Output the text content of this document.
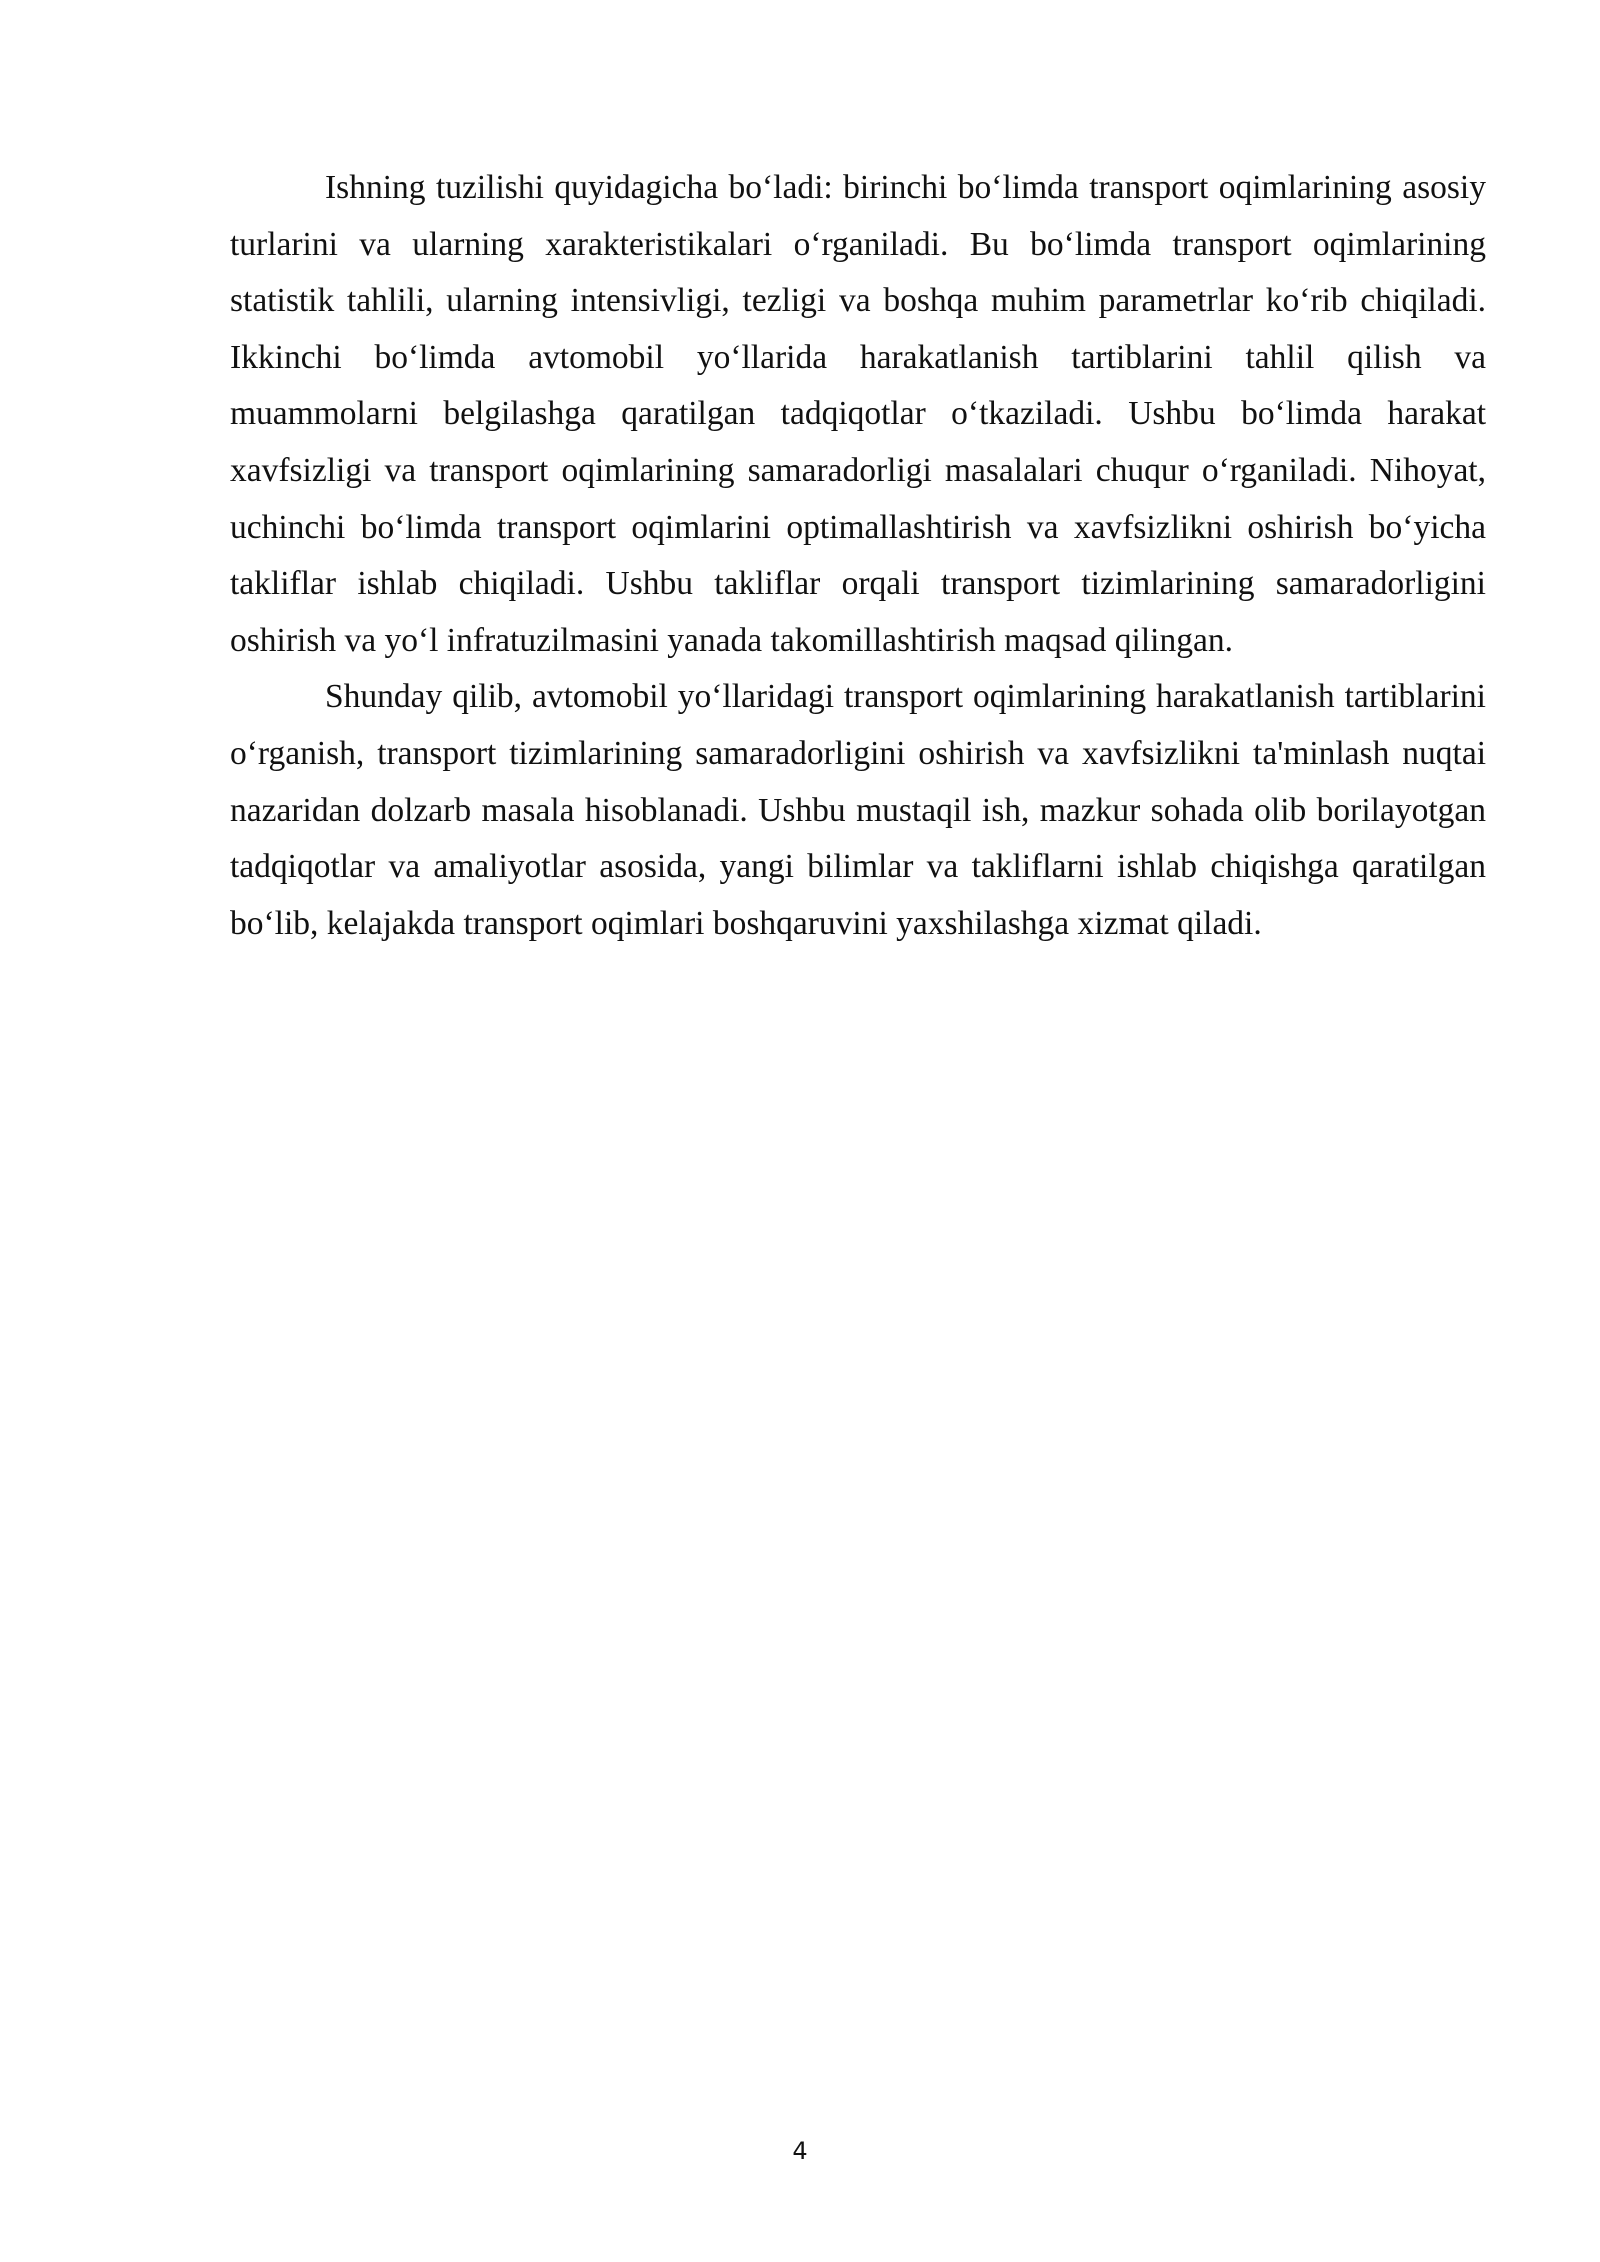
Ishning tuzilishi quyidagicha bo‘ladi: birinchi bo‘limda transport oqimlarining asosiy turlarini va ularning xarakteristikalari o‘rganiladi. Bu bo‘limda transport oqimlarining statistik tahlili, ularning intensivligi, tezligi va boshqa muhim parametrlar ko‘rib chiqiladi. Ikkinchi bo‘limda avtomobil yo‘llarida harakatlanish tartiblarini tahlil qilish va muammolarni belgilashga qaratilgan tadqiqotlar o‘tkaziladi. Ushbu bo‘limda harakat xavfsizligi va transport oqimlarining samaradorligi masalalari chuqur o‘rganiladi. Nihoyat, uchinchi bo‘limda transport oqimlarini optimallashtirish va xavfsizlikni oshirish bo‘yicha takliflar ishlab chiqiladi. Ushbu takliflar orqali transport tizimlarining samaradorligini oshirish va yo‘l infratuzilmasini yanada takomillashtirish maqsad qilingan.

Shunday qilib, avtomobil yo‘llaridagi transport oqimlarining harakatlanish tartiblarini o‘rganish, transport tizimlarining samaradorligini oshirish va xavfsizlikni ta'minlash nuqtai nazaridan dolzarb masala hisoblanadi. Ushbu mustaqil ish, mazkur sohada olib borilayotgan tadqiqotlar va amaliyotlar asosida, yangi bilimlar va takliflarni ishlab chiqishga qaratilgan bo‘lib, kelajakda transport oqimlari boshqaruvini yaxshilashga xizmat qiladi.

4
